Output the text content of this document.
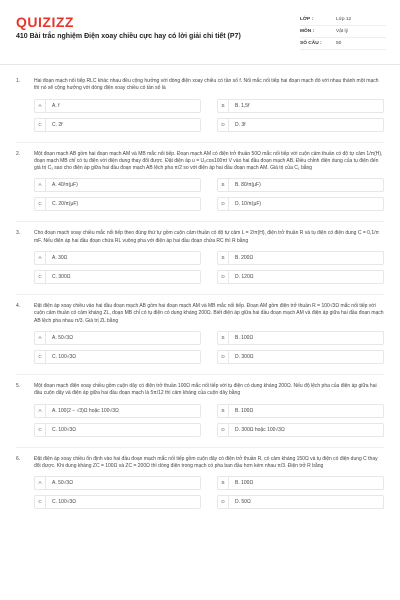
QUIZIZZ
410 Bài trắc nghiệm Điện xoay chiều cực hay có lời giải chi tiết (P7)
LỚP :	Lớp 12
MÔN :	Vật lý
SỐ CÂU :	50
1.	Hai đoạn mạch nối tiếp RLC khác nhau đều cộng hưởng với dòng điện xoay chiều có tần số f. Nối mắc nối tiếp hai đoạn mạch đó với nhau thành một mạch thì nó sẽ cộng hưởng với dòng điện xoay chiều có tần số là
A	A. f	B	B. 1,5f
C	C. 2f	D	D. 3f
2.	Một đoạn mạch AB gồm hai đoạn mạch AM và MB mắc nối tiếp. Đoạn mạch AM có điện trở thuần 50Ω mắc nối tiếp với cuộn cảm thuần có độ tự cảm 1/π(H), đoạn mạch MB chỉ có tụ điện với điện dung thay đổi được. Đặt điện áp u = U₀cos100πt V vào hai đầu đoạn mạch AB. Điều chỉnh điện dung của tụ điện đến giá trị C₁ sao cho điện áp giữa hai đầu đoạn mạch AB lệch pha π/2 so với điện áp hai đầu đoạn mạch AM. Giá trị của C₁ bằng
A	A. 40/π(μF)	B	B. 80/π(μF)
C	C. 20/π(μF)	D	D. 10/π(μF)
3.	Cho đoạn mạch xoay chiều mắc nối tiếp theo đúng thứ tự gồm cuộn cảm thuần có độ tự cảm L = 2/π(H), điện trở thuần R và tụ điện có điện dung C = 0,1/π mF. Nếu điện áp hai đầu đoạn chứa RL vuông pha với điện áp hai đầu đoạn chứa RC thì R bằng
A	A. 30Ω	B	B. 200Ω
C	C. 300Ω	D	D. 120Ω
4.	Đặt điện áp xoay chiều vào hai đầu đoạn mạch AB gồm hai đoạn mạch AM và MB mắc nối tiếp. Đoạn AM gồm điện trở thuần R = 100√3Ω mắc nối tiếp với cuộn cảm thuần có cảm kháng ZL, đoạn MB chỉ có tụ điện có dung kháng 200Ω. Biết điện áp giữa hai đầu đoạn mạch AM và điện áp giữa hai đầu đoạn mạch AB lệch pha nhau π/3. Giá trị ZL bằng
A	A. 50√3Ω	B	B. 100Ω
C	C. 100√3Ω	D	D. 300Ω
5.	Một đoạn mạch điện xoay chiều gồm cuộn dây có điện trở thuần 100Ω mắc nối tiếp với tụ điện có dung kháng 200Ω. Nếu độ lệch pha của điện áp giữa hai đầu cuộn dây và điện áp giữa hai đầu đoạn mạch là 5π/12 thì cảm kháng của cuộn dây bằng
A	A. 100(2 − √3)Ω hoặc 100√3Ω	B	B. 100Ω
C	C. 100√3Ω	D	D. 300Ω hoặc 100√3Ω
6.	Đặt điện áp xoay chiều ổn định vào hai đầu đoạn mạch mắc nối tiếp gồm cuộn dây có điện trở thuần R, có cảm kháng 150Ω và tụ điện có điện dung C thay đổi được. Khi dung kháng ZC = 100Ω và ZC = 200Ω thì dòng điện trong mạch có pha ban đầu hơn kém nhau π/3. Điện trở R bằng
A	A. 50√3Ω	B	B. 100Ω
C	C. 100√3Ω	D	D. 50Ω
